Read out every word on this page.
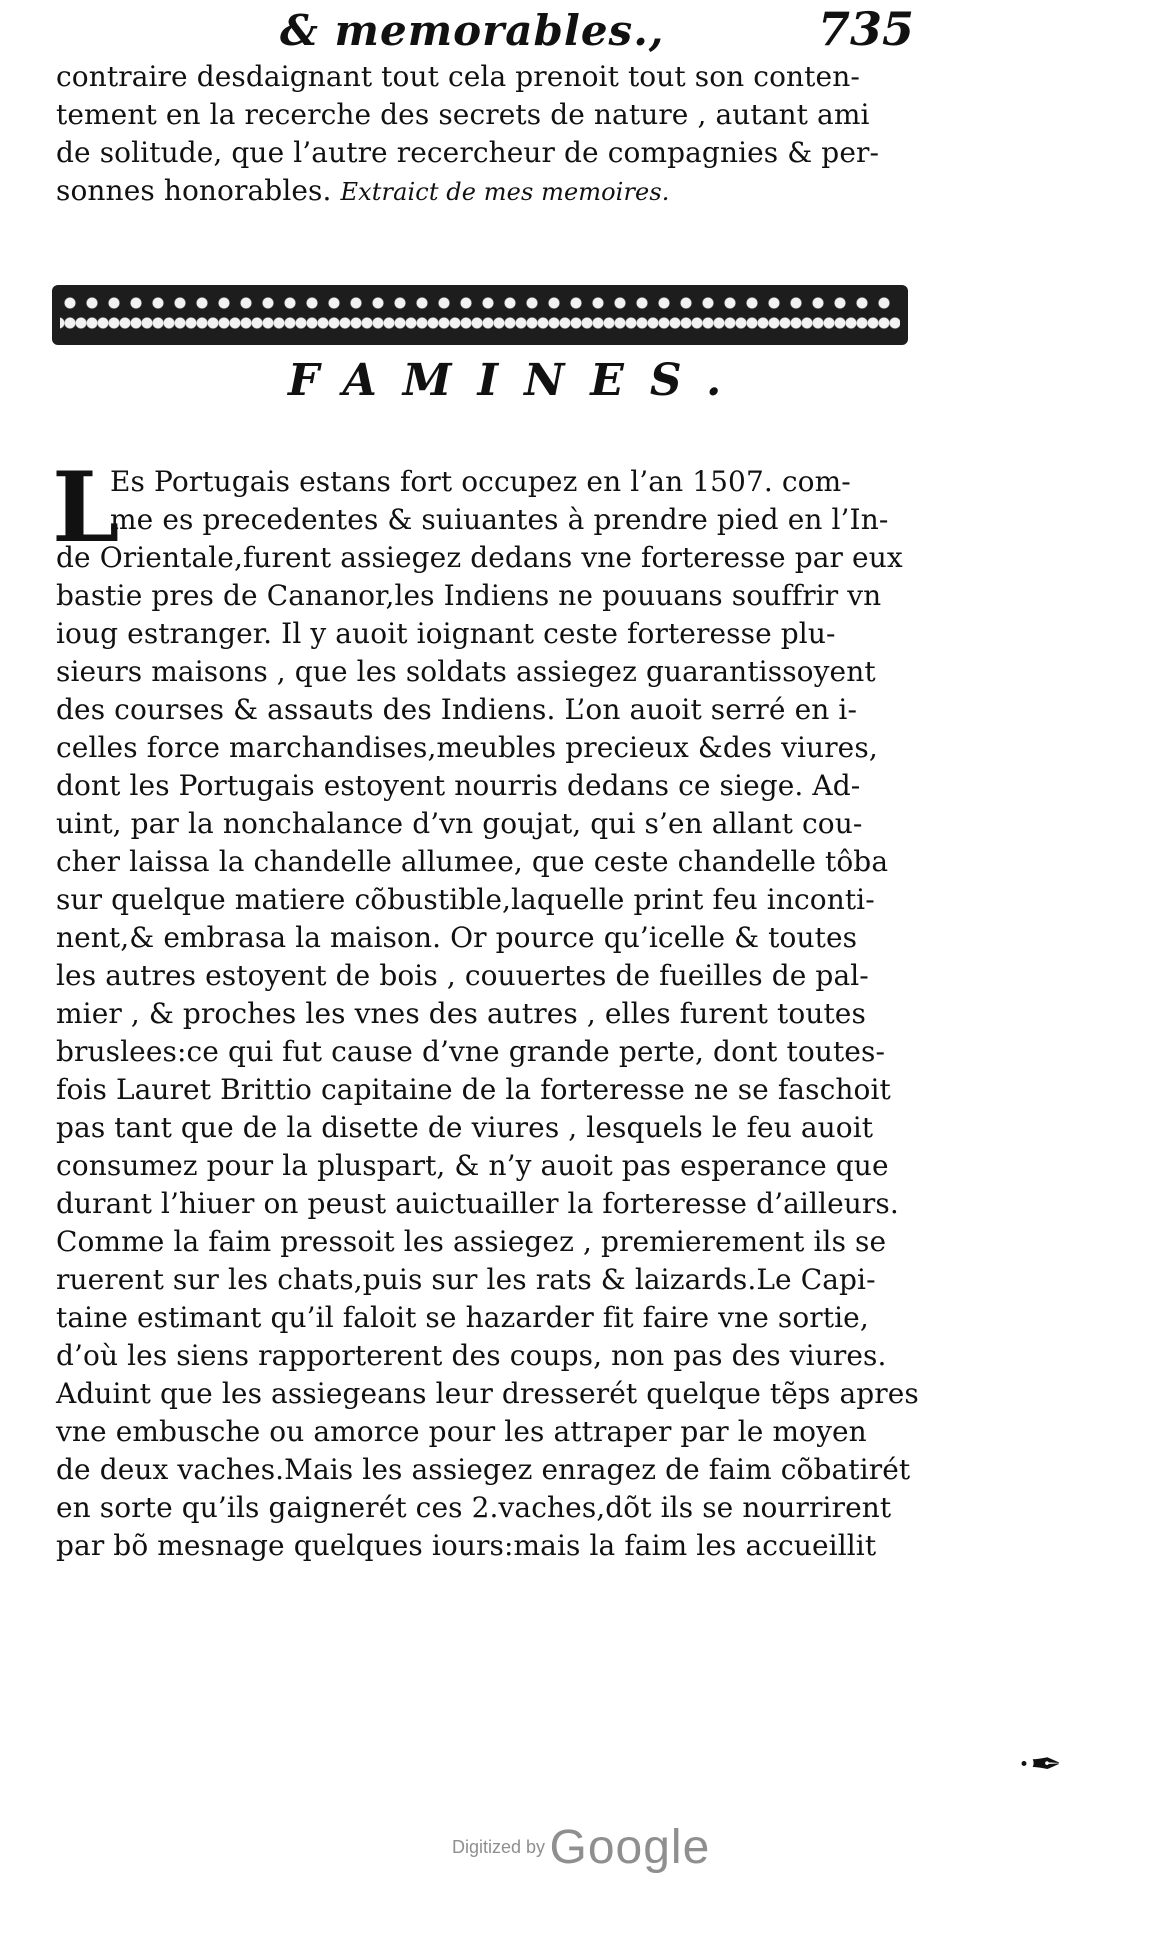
& memorables.,	735
contraire desdaignant tout cela prenoit tout son conten-
tement en la recerche des secrets de nature , autant ami
de solitude, que l’autre recercheur de compagnies & per-
sonnes honorables. Extraict de mes memoires.
FAMINES.
L
Es Portugais estans fort occupez en l’an 1507. com-
me es precedentes & suiuantes à prendre pied en l’In-
de Orientale,furent assiegez dedans vne forteresse par eux
bastie pres de Cananor,les Indiens ne pouuans souffrir vn
ioug estranger. Il y auoit ioignant ceste forteresse plu-
sieurs maisons , que les soldats assiegez guarantissoyent
des courses & assauts des Indiens. L’on auoit serré en i-
celles force marchandises,meubles precieux &des viures,
dont les Portugais estoyent nourris dedans ce siege. Ad-
uint, par la nonchalance d’vn goujat, qui s’en allant cou-
cher laissa la chandelle allumee, que ceste chandelle tôba
sur quelque matiere cõbustible,laquelle print feu inconti-
nent,& embrasa la maison. Or pource qu’icelle & toutes
les autres estoyent de bois , couuertes de fueilles de pal-
mier , & proches les vnes des autres , elles furent toutes
bruslees:ce qui fut cause d’vne grande perte, dont toutes-
fois Lauret Brittio capitaine de la forteresse ne se faschoit
pas tant que de la disette de viures , lesquels le feu auoit
consumez pour la pluspart, & n’y auoit pas esperance que
durant l’hiuer on peust auictuailler la forteresse d’ailleurs.
Comme la faim pressoit les assiegez , premierement ils se
ruerent sur les chats,puis sur les rats & laizards.Le Capi-
taine estimant qu’il faloit se hazarder fit faire vne sortie,
d’où les siens rapporterent des coups, non pas des viures.
Aduint que les assiegeans leur dresserét quelque tẽps apres
vne embusche ou amorce pour les attraper par le moyen
de deux vaches.Mais les assiegez enragez de faim cõbatirét
en sorte qu’ils gaignerét ces 2.vaches,dõt ils se nourrirent
par bõ mesnage quelques iours:mais la faim les accueillit
·✒
Digitized by Google
